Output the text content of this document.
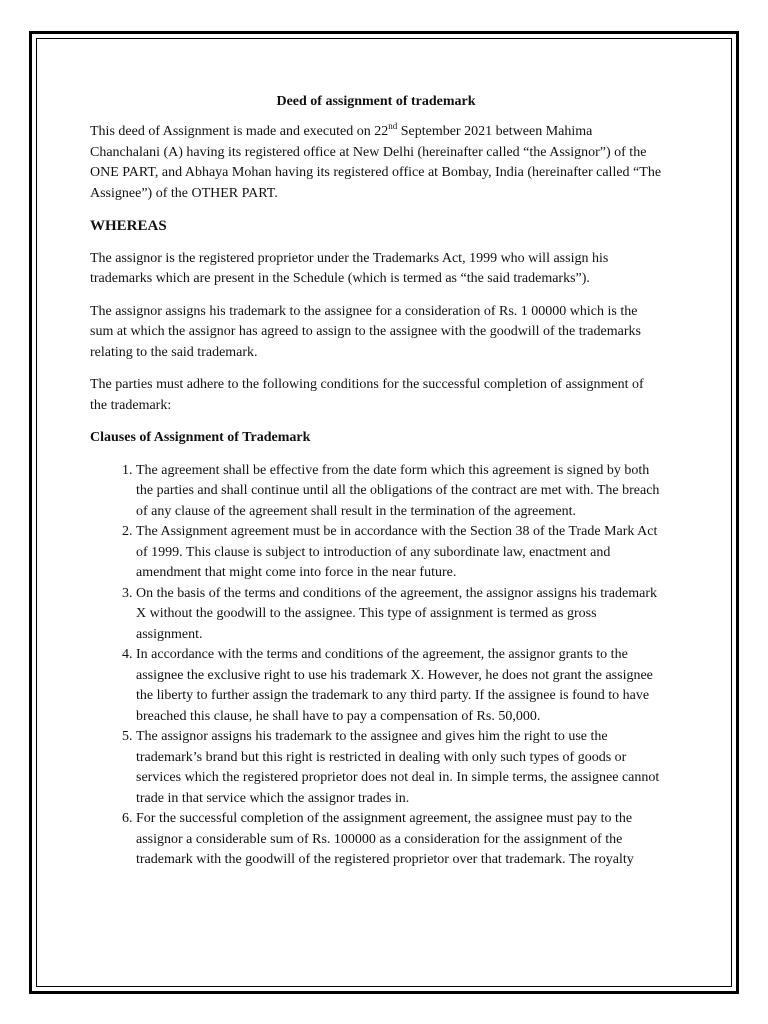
Deed of assignment of trademark

This deed of Assignment is made and executed on 22nd September 2021 between Mahima Chanchalani (A) having its registered office at New Delhi (hereinafter called “the Assignor”) of the ONE PART, and Abhaya Mohan having its registered office at Bombay, India (hereinafter called “The Assignee”) of the OTHER PART.

WHEREAS

The assignor is the registered proprietor under the Trademarks Act, 1999 who will assign his trademarks which are present in the Schedule (which is termed as “the said trademarks”).

The assignor assigns his trademark to the assignee for a consideration of Rs. 1 00000 which is the sum at which the assignor has agreed to assign to the assignee with the goodwill of the trademarks relating to the said trademark.

The parties must adhere to the following conditions for the successful completion of assignment of the trademark:

Clauses of Assignment of Trademark

1. The agreement shall be effective from the date form which this agreement is signed by both the parties and shall continue until all the obligations of the contract are met with. The breach of any clause of the agreement shall result in the termination of the agreement.
2. The Assignment agreement must be in accordance with the Section 38 of the Trade Mark Act of 1999. This clause is subject to introduction of any subordinate law, enactment and amendment that might come into force in the near future.
3. On the basis of the terms and conditions of the agreement, the assignor assigns his trademark X without the goodwill to the assignee. This type of assignment is termed as gross assignment.
4. In accordance with the terms and conditions of the agreement, the assignor grants to the assignee the exclusive right to use his trademark X. However, he does not grant the assignee the liberty to further assign the trademark to any third party. If the assignee is found to have breached this clause, he shall have to pay a compensation of Rs. 50,000.
5. The assignor assigns his trademark to the assignee and gives him the right to use the trademark’s brand but this right is restricted in dealing with only such types of goods or services which the registered proprietor does not deal in. In simple terms, the assignee cannot trade in that service which the assignor trades in.
6. For the successful completion of the assignment agreement, the assignee must pay to the assignor a considerable sum of Rs. 100000 as a consideration for the assignment of the trademark with the goodwill of the registered proprietor over that trademark. The royalty
